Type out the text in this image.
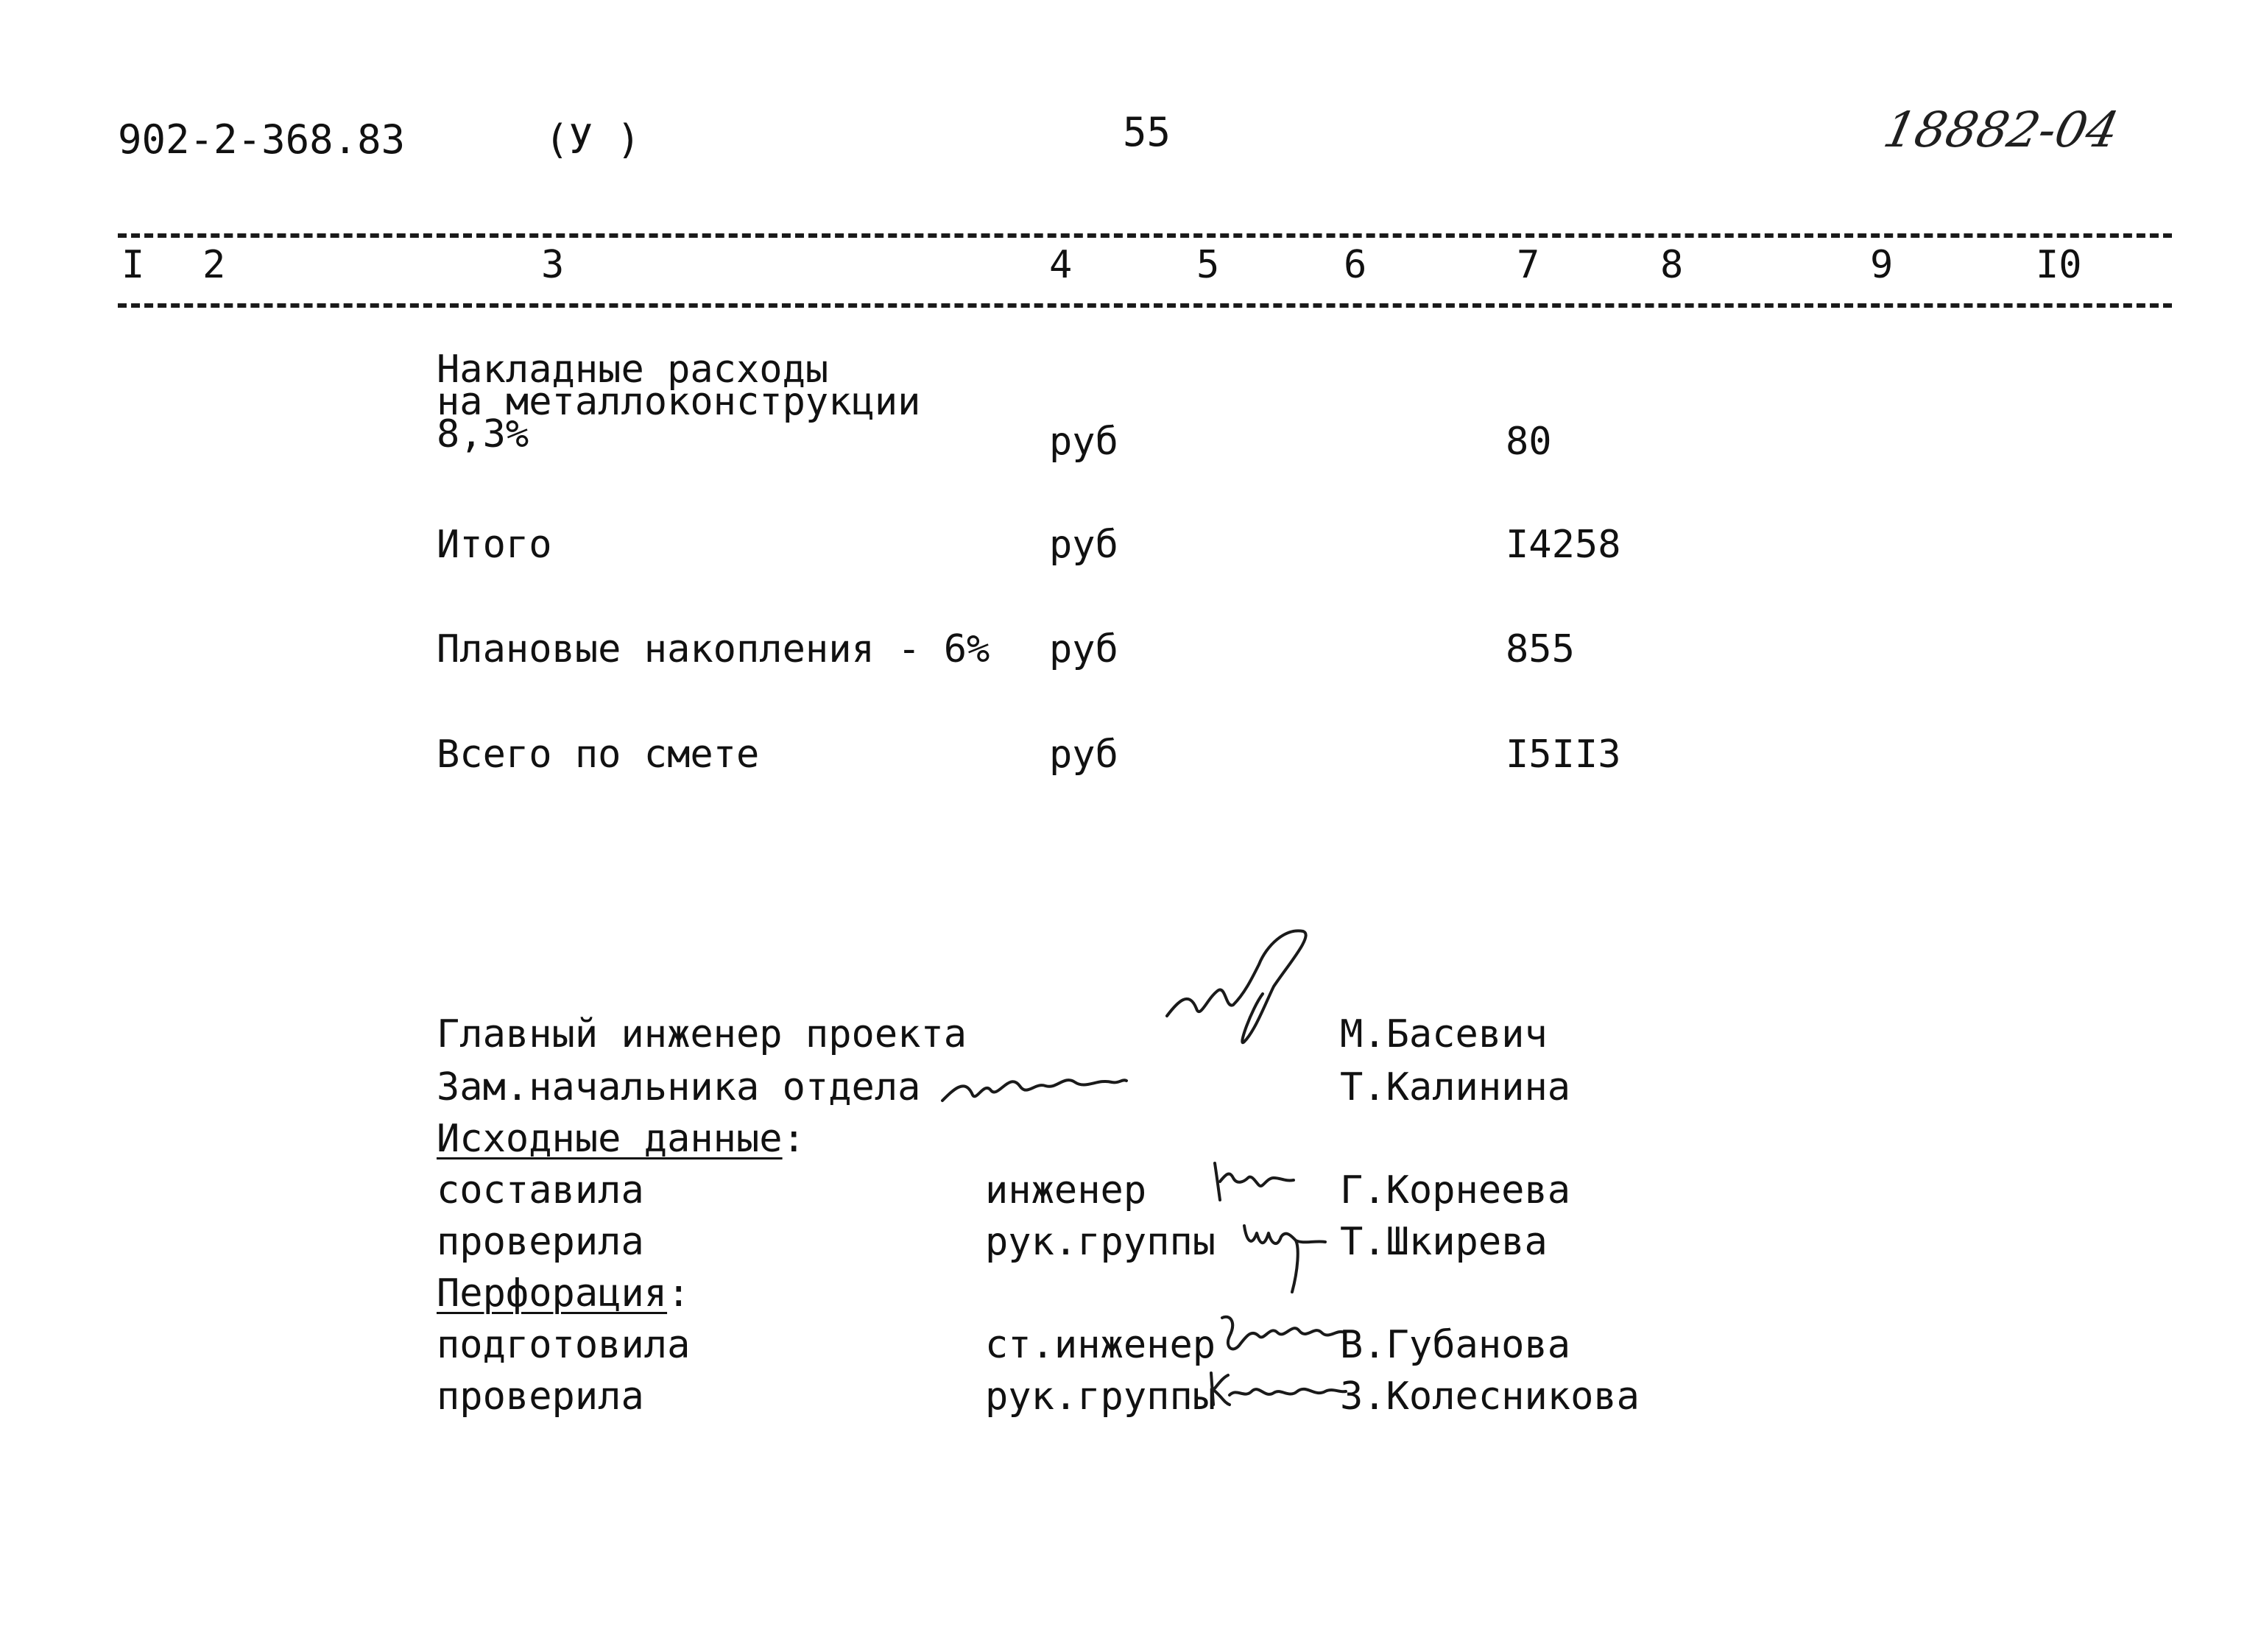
902-2-368.83	(У )	55	18882-04
I 2	3	4	5	6	7	8	9	I0
Накладные расходы
на металлоконструкции
8,3%	руб	80
Итого	руб	I4258
Плановые накопления - 6% руб	855
Всего по смете	руб	I5II3
Главный инженер проекта	М.Басевич
Зам.начальника отдела	Т.Калинина
Исходные данные:
составила	инженер	Г.Корнеева
проверила	рук.группы	Т.Шкирева
Перфорация:
подготовила	ст.инженер	В.Губанова
проверила	рук.группы	З.Колесникова
